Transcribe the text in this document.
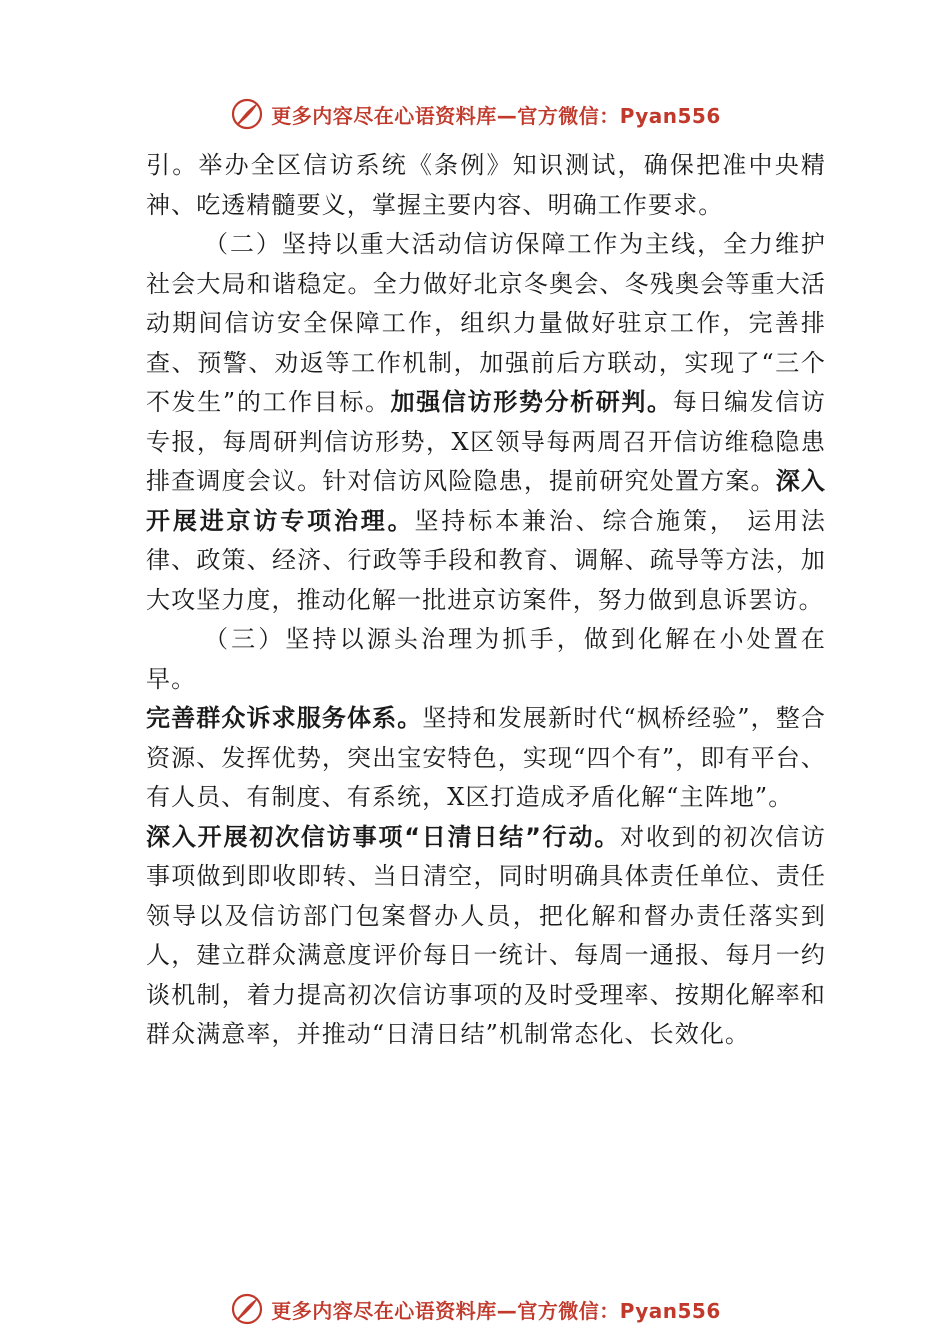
更多内容尽在心语资料库—官方微信：Pyan556

引。举办全区信访系统《条例》知识测试，确保把准中央精神、吃透精髓要义，掌握主要内容、明确工作要求。

（二）坚持以重大活动信访保障工作为主线，全力维护社会大局和谐稳定。全力做好北京冬奥会、冬残奥会等重大活动期间信访安全保障工作，组织力量做好驻京工作，完善排查、预警、劝返等工作机制，加强前后方联动，实现了“三个不发生”的工作目标。加强信访形势分析研判。每日编发信访专报，每周研判信访形势，X区领导每两周召开信访维稳隐患排查调度会议。针对信访风险隐患，提前研究处置方案。深入开展进京访专项治理。坚持标本兼治、综合施策， 运用法律、政策、经济、行政等手段和教育、调解、疏导等方法，加大攻坚力度，推动化解一批进京访案件，努力做到息诉罢访。

（三）坚持以源头治理为抓手，做到化解在小处置在早。

完善群众诉求服务体系。坚持和发展新时代“枫桥经验”，整合资源、发挥优势，突出宝安特色，实现“四个有”，即有平台、有人员、有制度、有系统，X区打造成矛盾化解“主阵地”。

深入开展初次信访事项“日清日结”行动。对收到的初次信访事项做到即收即转、当日清空，同时明确具体责任单位、责任领导以及信访部门包案督办人员，把化解和督办责任落实到人，建立群众满意度评价每日一统计、每周一通报、每月一约谈机制，着力提高初次信访事项的及时受理率、按期化解率和群众满意率，并推动“日清日结”机制常态化、长效化。

更多内容尽在心语资料库—官方微信：Pyan556
